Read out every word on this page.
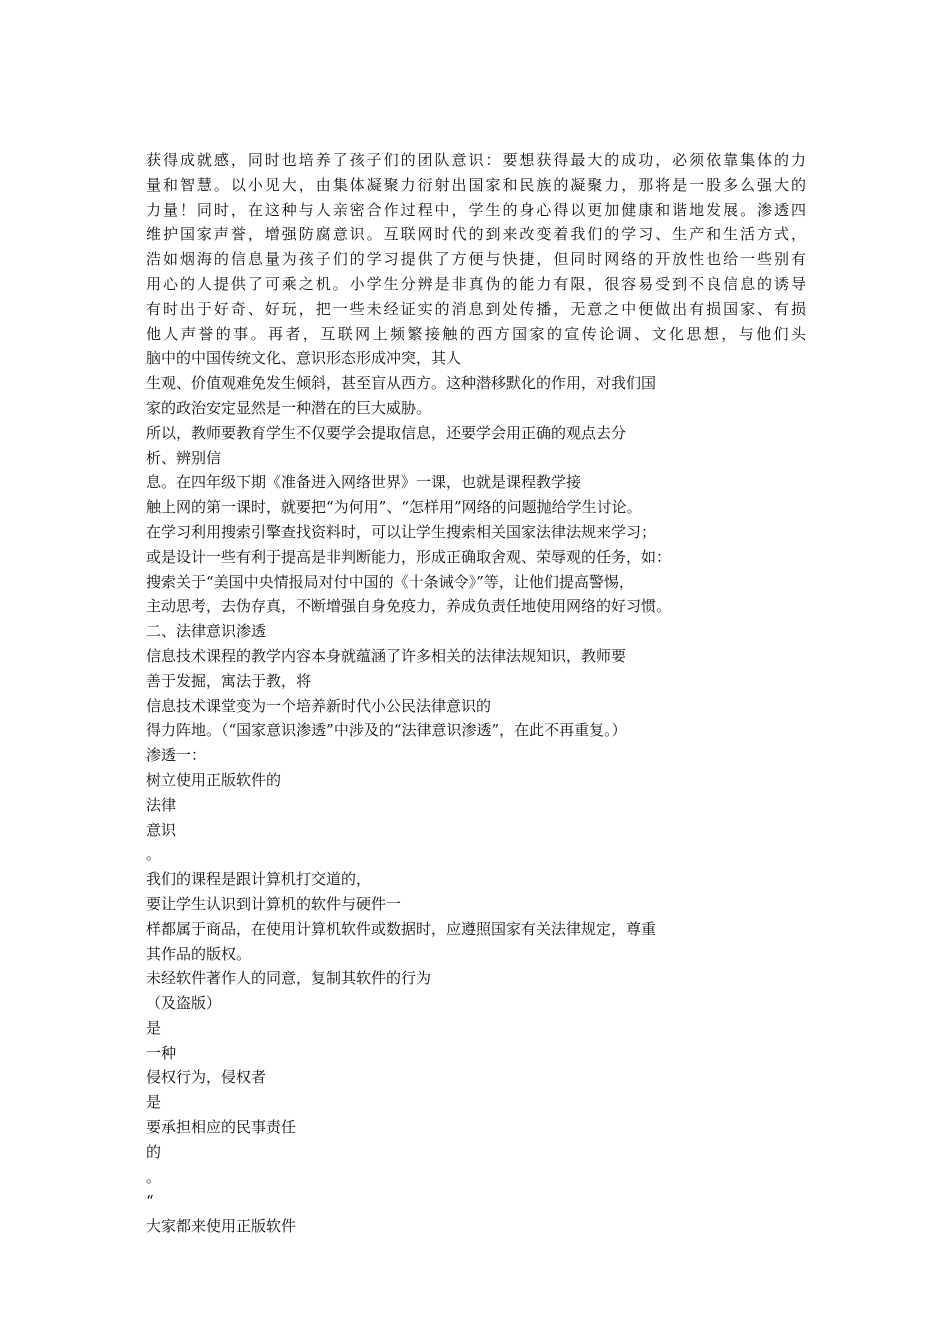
获得成就感，同时也培养了孩子们的团队意识：要想获得最大的成功，必须依靠集体的力
量和智慧。以小见大，由集体凝聚力衍射出国家和民族的凝聚力，那将是一股多么强大的
力量！同时，在这种与人亲密合作过程中，学生的身心得以更加健康和谐地发展。渗透四
维护国家声誉，增强防腐意识。互联网时代的到来改变着我们的学习、生产和生活方式，
浩如烟海的信息量为孩子们的学习提供了方便与快捷，但同时网络的开放性也给一些别有
用心的人提供了可乘之机。小学生分辨是非真伪的能力有限，很容易受到不良信息的诱导
有时出于好奇、好玩，把一些未经证实的消息到处传播，无意之中便做出有损国家、有损
他人声誉的事。再者，互联网上频繁接触的西方国家的宣传论调、文化思想，与他们头
脑中的中国传统文化、意识形态形成冲突，其人
生观、价值观难免发生倾斜，甚至盲从西方。这种潜移默化的作用，对我们国
家的政治安定显然是一种潜在的巨大威胁。
所以，教师要教育学生不仅要学会提取信息，还要学会用正确的观点去分
析、辨别信
息。在四年级下期《准备进入网络世界》一课，也就是课程教学接
触上网的第一课时，就要把“为何用”、“怎样用”网络的问题抛给学生讨论。
在学习利用搜索引擎查找资料时，可以让学生搜索相关国家法律法规来学习；
或是设计一些有利于提高是非判断能力，形成正确取舍观、荣辱观的任务，如：
搜索关于“美国中央情报局对付中国的《十条诫令》”等，让他们提高警惕，
主动思考，去伪存真，不断增强自身免疫力，养成负责任地使用网络的好习惯。
二、法律意识渗透
信息技术课程的教学内容本身就蕴涵了许多相关的法律法规知识，教师要
善于发掘，寓法于教，将
信息技术课堂变为一个培养新时代小公民法律意识的
得力阵地。（“国家意识渗透”中涉及的“法律意识渗透”，在此不再重复。）
渗透一：
树立使用正版软件的
法律
意识
。
我们的课程是跟计算机打交道的，
要让学生认识到计算机的软件与硬件一
样都属于商品，在使用计算机软件或数据时，应遵照国家有关法律规定，尊重
其作品的版权。
未经软件著作人的同意，复制其软件的行为
（及盗版）
是
一种
侵权行为，侵权者
是
要承担相应的民事责任
的
。
“
大家都来使用正版软件
